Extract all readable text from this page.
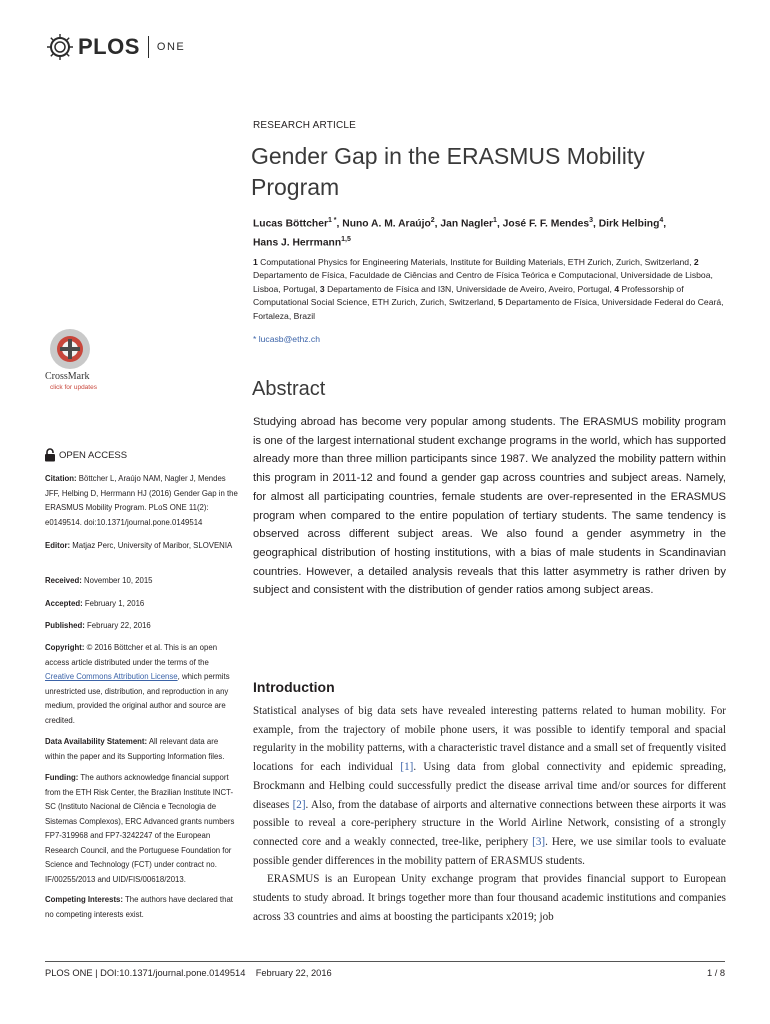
PLOS ONE
RESEARCH ARTICLE
Gender Gap in the ERASMUS Mobility Program
Lucas Böttcher$^{1 *}$, Nuno A. M. Araújo$^2$, Jan Nagler$^1$, José F. F. Mendes$^3$, Dirk Helbing$^4$,
Hans J. Herrmann$^{1,5}$
1 Computational Physics for Engineering Materials, Institute for Building Materials, ETH Zurich, Zurich, Switzerland, 2 Departamento de Física, Faculdade de Ciências and Centro de Física Teórica e Computacional, Universidade de Lisboa, Lisboa, Portugal, 3 Departamento de Física and I3N, Universidade de Aveiro, Aveiro, Portugal, 4 Professorship of Computational Social Science, ETH Zurich, Zurich, Switzerland, 5 Departamento de Física, Universidade Federal do Ceará, Fortaleza, Brazil
* lucasb@ethz.ch
CrossMark
click for updates	Abstract
Studying abroad has become very popular among students. The ERASMUS mobility program is one of the largest international student exchange programs in the world, which has supported already more than three million participants since 1987. We analyzed the mobility pattern within this program in 2011-12 and found a gender gap across countries and subject areas. Namely, for almost all participating countries, female students are over-represented in the ERASMUS program when compared to the entire population of tertiary students. The same tendency is observed across different subject areas. We also found a gender asymmetry in the geographical distribution of hosting institutions, with a bias of male students in Scandinavian countries. However, a detailed analysis reveals that this latter asymmetry is rather driven by subject and consistent with the distribution of gender ratios among subject areas.
OPEN ACCESS
Citation: Böttcher L, Araújo NAM, Nagler J, Mendes JFF, Helbing D, Herrmann HJ (2016) Gender Gap in the ERASMUS Mobility Program. PLoS ONE 11(2): e0149514. doi:10.1371/journal.pone.0149514
Editor: Matjaz Perc, University of Maribor, SLOVENIA
Received: November 10, 2015
Accepted: February 1, 2016
Published: February 22, 2016
Copyright: © 2016 Böttcher et al. This is an open access article distributed under the terms of the Creative Commons Attribution License, which permits unrestricted use, distribution, and reproduction in any medium, provided the original author and source are credited.
Data Availability Statement: All relevant data are within the paper and its Supporting Information files.
Funding: The authors acknowledge financial support from the ETH Risk Center, the Brazilian Institute INCT-SC (Instituto Nacional de Ciência e Tecnologia de Sistemas Complexos), ERC Advanced grants numbers FP7-319968 and FP7-3242247 of the European Research Council, and the Portuguese Foundation for Science and Technology (FCT) under contract no. IF/00255/2013 and UID/FIS/00618/2013.
Competing Interests: The authors have declared that no competing interests exist.
Introduction
Statistical analyses of big data sets have revealed interesting patterns related to human mobility. For example, from the trajectory of mobile phone users, it was possible to identify temporal and spacial regularity in the mobility patterns, with a characteristic travel distance and a small set of frequently visited locations for each individual [1]. Using data from global connectivity and epidemic spreading, Brockmann and Helbing could successfully predict the disease arrival time and/or sources for different diseases [2]. Also, from the database of airports and alternative connections between these airports it was possible to reveal a core-periphery structure in the World Airline Network, consisting of a strongly connected core and a weakly connected, tree-like, periphery [3]. Here, we use similar tools to evaluate possible gender differences in the mobility pattern of ERASMUS students.
ERASMUS is an European Unity exchange program that provides financial support to European students to study abroad. It brings together more than four thousand academic institutions and companies across 33 countries and aims at boosting the participants x2019; job
PLOS ONE | DOI:10.1371/journal.pone.0149514    February 22, 2016	1 / 8
